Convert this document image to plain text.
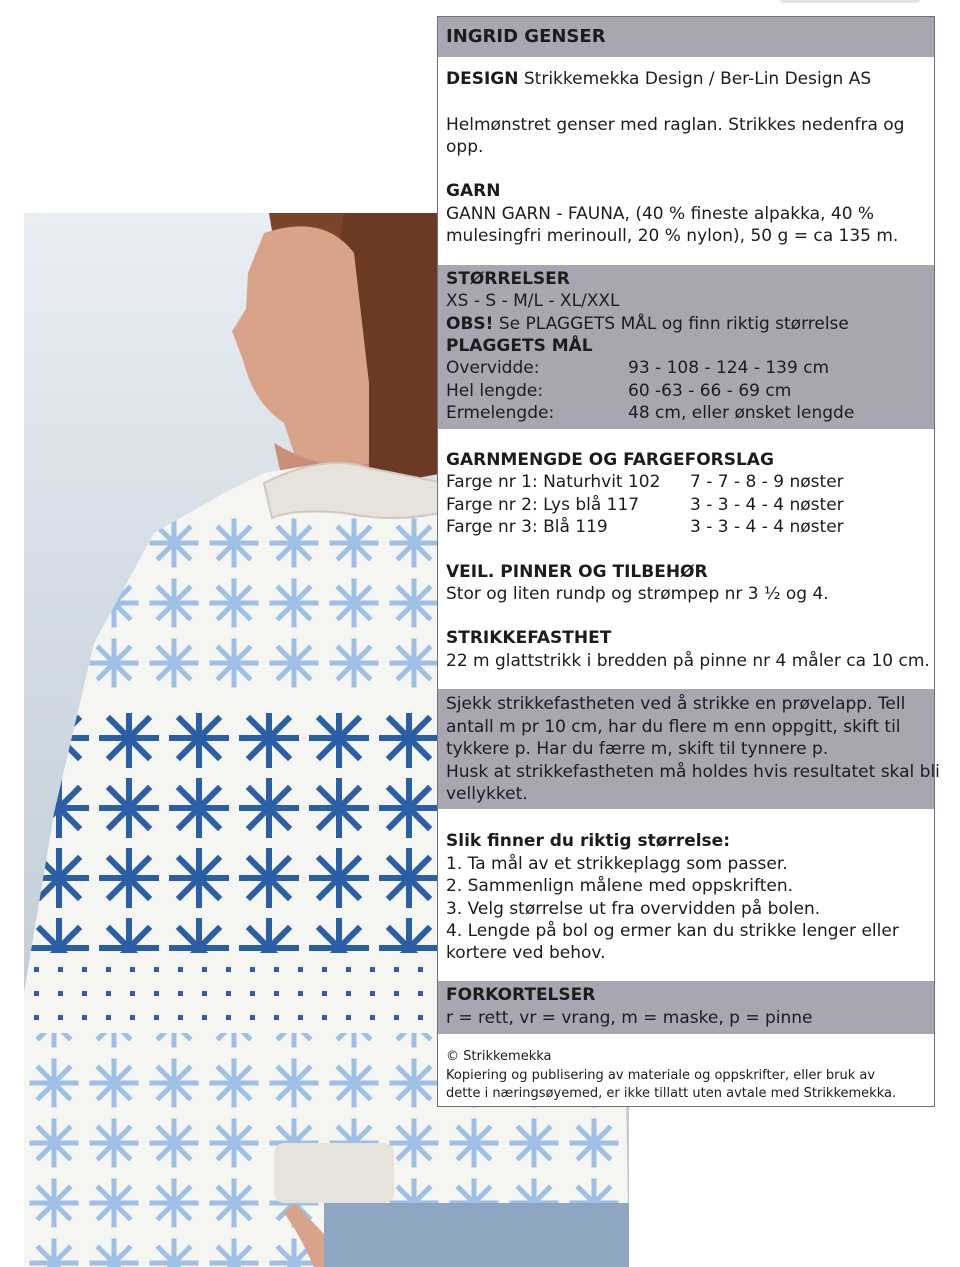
INGRID GENSER
DESIGN Strikkemekka Design / Ber-Lin Design AS
Helmønstret genser med raglan. Strikkes nedenfra og
opp.
GARN
GANN GARN - FAUNA, (40 % fineste alpakka, 40 %
mulesingfri merinoull, 20 % nylon), 50 g = ca 135 m.
STØRRELSER
XS - S - M/L - XL/XXL
OBS! Se PLAGGETS MÅL og finn riktig størrelse
PLAGGETS MÅL
Overvidde:	93 - 108 - 124 - 139 cm
Hel lengde:	60 -63 - 66 - 69 cm
Ermelengde:	48 cm, eller ønsket lengde
GARNMENGDE OG FARGEFORSLAG
Farge nr 1: Naturhvit 102 7 - 7 - 8 - 9 nøster
Farge nr 2: Lys blå 117	3 - 3 - 4 - 4 nøster
Farge nr 3: Blå 119	3 - 3 - 4 - 4 nøster
VEIL. PINNER OG TILBEHØR
Stor og liten rundp og strømpep nr 3 ½ og 4.
STRIKKEFASTHET
22 m glattstrikk i bredden på pinne nr 4 måler ca 10 cm.
Sjekk strikkefastheten ved å strikke en prøvelapp. Tell
antall m pr 10 cm, har du flere m enn oppgitt, skift til
tykkere p. Har du færre m, skift til tynnere p.
Husk at strikkefastheten må holdes hvis resultatet skal bli
vellykket.
Slik finner du riktig størrelse:
1. Ta mål av et strikkeplagg som passer.
2. Sammenlign målene med oppskriften.
3. Velg størrelse ut fra overvidden på bolen.
4. Lengde på bol og ermer kan du strikke lenger eller
kortere ved behov.
FORKORTELSER
r = rett, vr = vrang, m = maske, p = pinne
© Strikkemekka
Kopiering og publisering av materiale og oppskrifter, eller bruk av
dette i næringsøyemed, er ikke tillatt uten avtale med Strikkemekka.
